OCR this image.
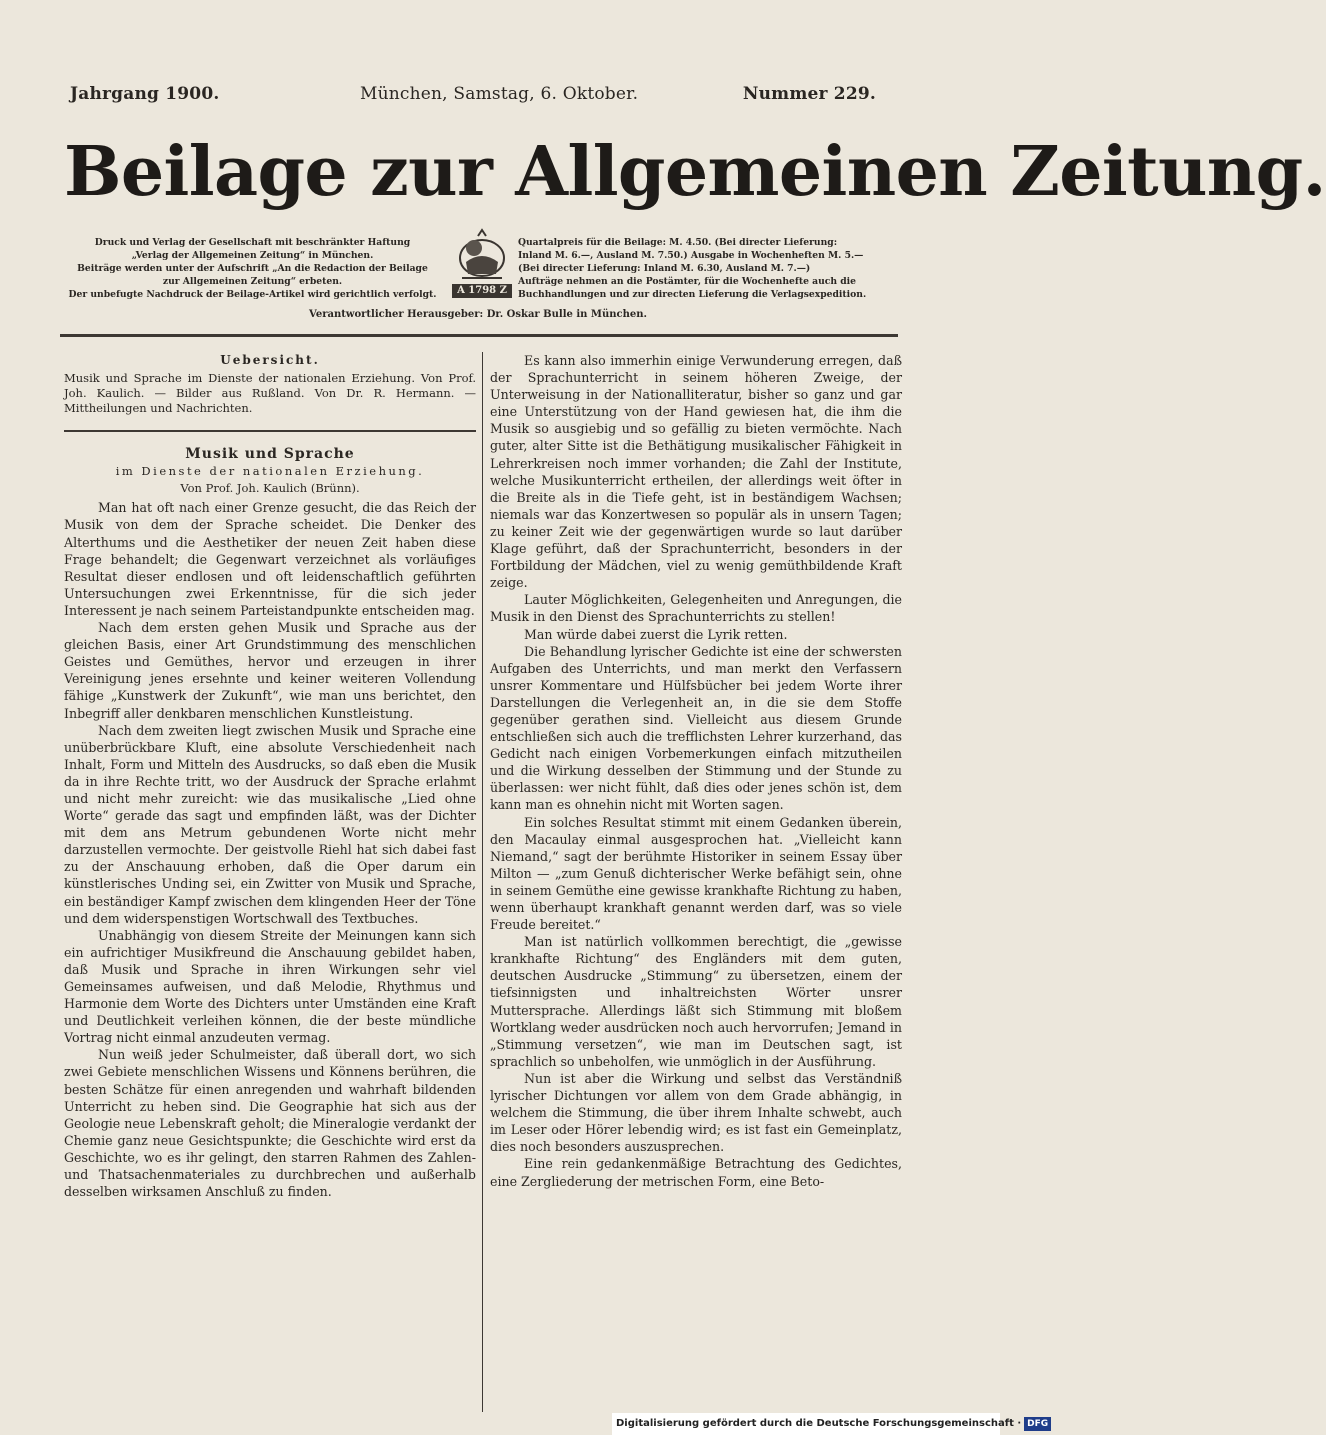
Jahrgang 1900.	München, Samstag, 6. Oktober.	Nummer 229.
Beilage zur Allgemeinen Zeitung.
Druck und Verlag der Gesellschaft mit beschränkter Haftung
„Verlag der Allgemeinen Zeitung“ in München.
Beiträge werden unter der Aufschrift „An die Redaction der Beilage
zur Allgemeinen Zeitung“ erbeten.
Der unbefugte Nachdruck der Beilage-Artikel wird gerichtlich verfolgt.	A 1798 Z
Quartalpreis für die Beilage: M. 4.50. (Bei directer Lieferung:
Inland M. 6.—, Ausland M. 7.50.) Ausgabe in Wochenheften M. 5.—
(Bei directer Lieferung: Inland M. 6.30, Ausland M. 7.—)
Aufträge nehmen an die Postämter, für die Wochenhefte auch die
Buchhandlungen und zur directen Lieferung die Verlagsexpedition.
Verantwortlicher Herausgeber: Dr. Oskar Bulle in München.
Uebersicht.
Musik und Sprache im Dienste der nationalen Erziehung. Von Prof. Joh. Kaulich. — Bilder aus Rußland. Von Dr. R. Hermann. — Mittheilungen und Nachrichten.
Musik und Sprache
im Dienste der nationalen Erziehung.
Von Prof. Joh. Kaulich (Brünn).

Man hat oft nach einer Grenze gesucht, die das Reich der Musik von dem der Sprache scheidet. Die Denker des Alterthums und die Aesthetiker der neuen Zeit haben diese Frage behandelt; die Gegenwart verzeichnet als vorläufiges Resultat dieser endlosen und oft leidenschaftlich geführten Untersuchungen zwei Erkenntnisse, für die sich jeder Interessent je nach seinem Parteistandpunkte entscheiden mag.

Nach dem ersten gehen Musik und Sprache aus der gleichen Basis, einer Art Grundstimmung des menschlichen Geistes und Gemüthes, hervor und erzeugen in ihrer Vereinigung jenes ersehnte und keiner weiteren Vollendung fähige „Kunstwerk der Zukunft“, wie man uns berichtet, den Inbegriff aller denkbaren menschlichen Kunstleistung.

Nach dem zweiten liegt zwischen Musik und Sprache eine unüberbrückbare Kluft, eine absolute Verschiedenheit nach Inhalt, Form und Mitteln des Ausdrucks, so daß eben die Musik da in ihre Rechte tritt, wo der Ausdruck der Sprache erlahmt und nicht mehr zureicht: wie das musikalische „Lied ohne Worte“ gerade das sagt und empfinden läßt, was der Dichter mit dem ans Metrum gebundenen Worte nicht mehr darzustellen vermochte. Der geistvolle Riehl hat sich dabei fast zu der Anschauung erhoben, daß die Oper darum ein künstlerisches Unding sei, ein Zwitter von Musik und Sprache, ein beständiger Kampf zwischen dem klingenden Heer der Töne und dem widerspenstigen Wortschwall des Textbuches.

Unabhängig von diesem Streite der Meinungen kann sich ein aufrichtiger Musikfreund die Anschauung gebildet haben, daß Musik und Sprache in ihren Wirkungen sehr viel Gemeinsames aufweisen, und daß Melodie, Rhythmus und Harmonie dem Worte des Dichters unter Umständen eine Kraft und Deutlichkeit verleihen können, die der beste mündliche Vortrag nicht einmal anzudeuten vermag.

Nun weiß jeder Schulmeister, daß überall dort, wo sich zwei Gebiete menschlichen Wissens und Könnens berühren, die besten Schätze für einen anregenden und wahrhaft bildenden Unterricht zu heben sind. Die Geographie hat sich aus der Geologie neue Lebenskraft geholt; die Mineralogie verdankt der Chemie ganz neue Gesichtspunkte; die Geschichte wird erst da Geschichte, wo es ihr gelingt, den starren Rahmen des Zahlen- und Thatsachenmateriales zu durchbrechen und außerhalb desselben wirksamen Anschluß zu finden.

Es kann also immerhin einige Verwunderung erregen, daß der Sprachunterricht in seinem höheren Zweige, der Unterweisung in der Nationalliteratur, bisher so ganz und gar eine Unterstützung von der Hand gewiesen hat, die ihm die Musik so ausgiebig und so gefällig zu bieten vermöchte. Nach guter, alter Sitte ist die Bethätigung musikalischer Fähigkeit in Lehrerkreisen noch immer vorhanden; die Zahl der Institute, welche Musikunterricht ertheilen, der allerdings weit öfter in die Breite als in die Tiefe geht, ist in beständigem Wachsen; niemals war das Konzertwesen so populär als in unsern Tagen; zu keiner Zeit wie der gegenwärtigen wurde so laut darüber Klage geführt, daß der Sprachunterricht, besonders in der Fortbildung der Mädchen, viel zu wenig gemüthbildende Kraft zeige.

Lauter Möglichkeiten, Gelegenheiten und Anregungen, die Musik in den Dienst des Sprachunterrichts zu stellen!

Man würde dabei zuerst die Lyrik retten.

Die Behandlung lyrischer Gedichte ist eine der schwersten Aufgaben des Unterrichts, und man merkt den Verfassern unsrer Kommentare und Hülfsbücher bei jedem Worte ihrer Darstellungen die Verlegenheit an, in die sie dem Stoffe gegenüber gerathen sind. Vielleicht aus diesem Grunde entschließen sich auch die trefflichsten Lehrer kurzerhand, das Gedicht nach einigen Vorbemerkungen einfach mitzutheilen und die Wirkung desselben der Stimmung und der Stunde zu überlassen: wer nicht fühlt, daß dies oder jenes schön ist, dem kann man es ohnehin nicht mit Worten sagen.

Ein solches Resultat stimmt mit einem Gedanken überein, den Macaulay einmal ausgesprochen hat. „Vielleicht kann Niemand,“ sagt der berühmte Historiker in seinem Essay über Milton — „zum Genuß dichterischer Werke befähigt sein, ohne in seinem Gemüthe eine gewisse krankhafte Richtung zu haben, wenn überhaupt krankhaft genannt werden darf, was so viele Freude bereitet.“

Man ist natürlich vollkommen berechtigt, die „gewisse krankhafte Richtung“ des Engländers mit dem guten, deutschen Ausdrucke „Stimmung“ zu übersetzen, einem der tiefsinnigsten und inhaltreichsten Wörter unsrer Muttersprache. Allerdings läßt sich Stimmung mit bloßem Wortklang weder ausdrücken noch auch hervorrufen; Jemand in „Stimmung versetzen“, wie man im Deutschen sagt, ist sprachlich so unbeholfen, wie unmöglich in der Ausführung.

Nun ist aber die Wirkung und selbst das Verständniß lyrischer Dichtungen vor allem von dem Grade abhängig, in welchem die Stimmung, die über ihrem Inhalte schwebt, auch im Leser oder Hörer lebendig wird; es ist fast ein Gemeinplatz, dies noch besonders auszusprechen.

Eine rein gedankenmäßige Betrachtung des Gedichtes, eine Zergliederung der metrischen Form, eine Beto-

Digitalisierung gefördert durch die Deutsche Forschungsgemeinschaft · DFG
